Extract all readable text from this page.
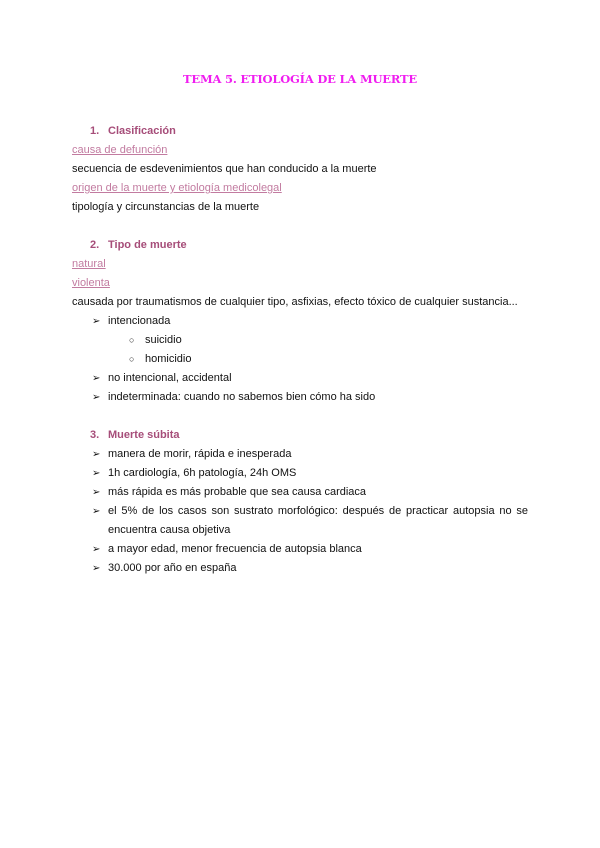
TEMA 5. ETIOLOGÍA DE LA MUERTE
1. Clasificación
causa de defunción
secuencia de esdevenimientos que han conducido a la muerte
origen de la muerte y etiología medicolegal
tipología y circunstancias de la muerte
2. Tipo de muerte
natural
violenta
causada por traumatismos de cualquier tipo, asfixias, efecto tóxico de cualquier sustancia...
➢ intencionada
○ suicidio
○ homicidio
➢ no intencional, accidental
➢ indeterminada: cuando no sabemos bien cómo ha sido
3. Muerte súbita
➢ manera de morir, rápida e inesperada
➢ 1h cardiología, 6h patología, 24h OMS
➢ más rápida es más probable que sea causa cardiaca
➢ el 5% de los casos son sustrato morfológico: después de practicar autopsia no se
encuentra causa objetiva
➢ a mayor edad, menor frecuencia de autopsia blanca
➢ 30.000 por año en españa
